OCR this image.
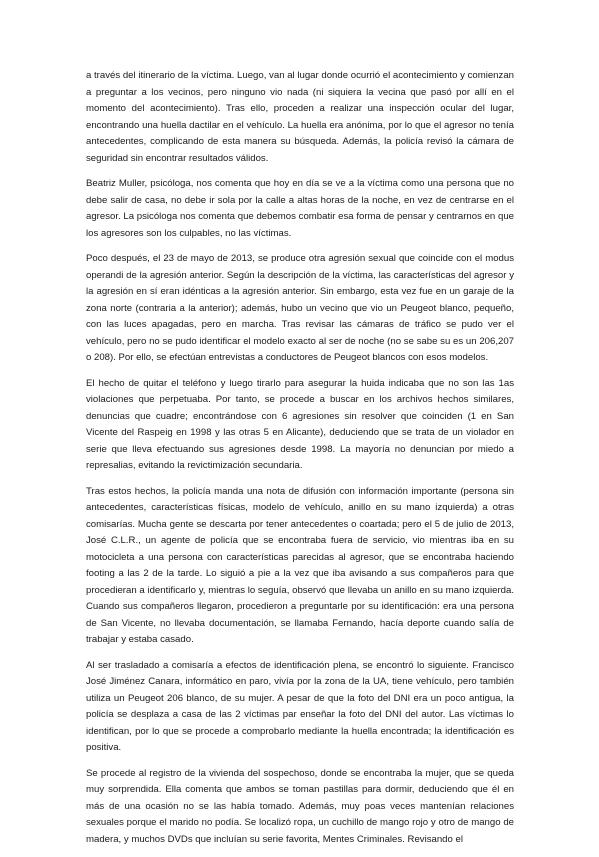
a través del itinerario de la víctima. Luego, van al lugar donde ocurrió el acontecimiento y comienzan a preguntar a los vecinos, pero ninguno vio nada (ni siquiera la vecina que pasó por allí en el momento del acontecimiento). Tras ello, proceden a realizar una inspección ocular del lugar, encontrando una huella dactilar en el vehículo. La huella era anónima, por lo que el agresor no tenía antecedentes, complicando de esta manera su búsqueda. Además, la policía revisó la cámara de seguridad sin encontrar resultados válidos.

Beatriz Muller, psicóloga, nos comenta que hoy en día se ve a la víctima como una persona que no debe salir de casa, no debe ir sola por la calle a altas horas de la noche, en vez de centrarse en el agresor. La psicóloga nos comenta que debemos combatir esa forma de pensar y centrarnos en que los agresores son los culpables, no las víctimas.

Poco después, el 23 de mayo de 2013, se produce otra agresión sexual que coincide con el modus operandi de la agresión anterior. Según la descripción de la víctima, las características del agresor y la agresión en sí eran idénticas a la agresión anterior. Sin embargo, esta vez fue en un garaje de la zona norte (contraria a la anterior); además, hubo un vecino que vio un Peugeot blanco, pequeño, con las luces apagadas, pero en marcha. Tras revisar las cámaras de tráfico se pudo ver el vehículo, pero no se pudo identificar el modelo exacto al ser de noche (no se sabe su es un 206,207 o 208). Por ello, se efectúan entrevistas a conductores de Peugeot blancos con esos modelos.

El hecho de quitar el teléfono y luego tirarlo para asegurar la huida indicaba que no son las 1as violaciones que perpetuaba. Por tanto, se procede a buscar en los archivos hechos similares, denuncias que cuadre; encontrándose con 6 agresiones sin resolver que coinciden (1 en San Vicente del Raspeig en 1998 y las otras 5 en Alicante), deduciendo que se trata de un violador en serie que lleva efectuando sus agresiones desde 1998. La mayoría no denuncian por miedo a represalias, evitando la revictimización secundaria.

Tras estos hechos, la policía manda una nota de difusión con información importante (persona sin antecedentes, características físicas, modelo de vehículo, anillo en su mano izquierda) a otras comisarías. Mucha gente se descarta por tener antecedentes o coartada; pero el 5 de julio de 2013, José C.L.R., un agente de policía que se encontraba fuera de servicio, vio mientras iba en su motocicleta a una persona con características parecidas al agresor, que se encontraba haciendo footing a las 2 de la tarde. Lo siguió a pie a la vez que iba avisando a sus compañeros para que procedieran a identificarlo y, mientras lo seguía, observó que llevaba un anillo en su mano izquierda. Cuando sus compañeros llegaron, procedieron a preguntarle por su identificación: era una persona de San Vicente, no llevaba documentación, se llamaba Fernando, hacía deporte cuando salía de trabajar y estaba casado.

Al ser trasladado a comisaría a efectos de identificación plena, se encontró lo siguiente. Francisco José Jiménez Canara, informático en paro, vivía por la zona de la UA, tiene vehículo, pero también utiliza un Peugeot 206 blanco, de su mujer. A pesar de que la foto del DNI era un poco antigua, la policía se desplaza a casa de las 2 víctimas par enseñar la foto del DNI del autor. Las víctimas lo identifican, por lo que se procede a comprobarlo mediante la huella encontrada; la identificación es positiva.

Se procede al registro de la vivienda del sospechoso, donde se encontraba la mujer, que se queda muy sorprendida. Ella comenta que ambos se toman pastillas para dormir, deduciendo que él en más de una ocasión no se las había tomado. Además, muy poas veces mantenían relaciones sexuales porque el marido no podía. Se localizó ropa, un cuchillo de mango rojo y otro de mango de madera, y muchos DVDs que incluían su serie favorita, Mentes Criminales. Revisando el
